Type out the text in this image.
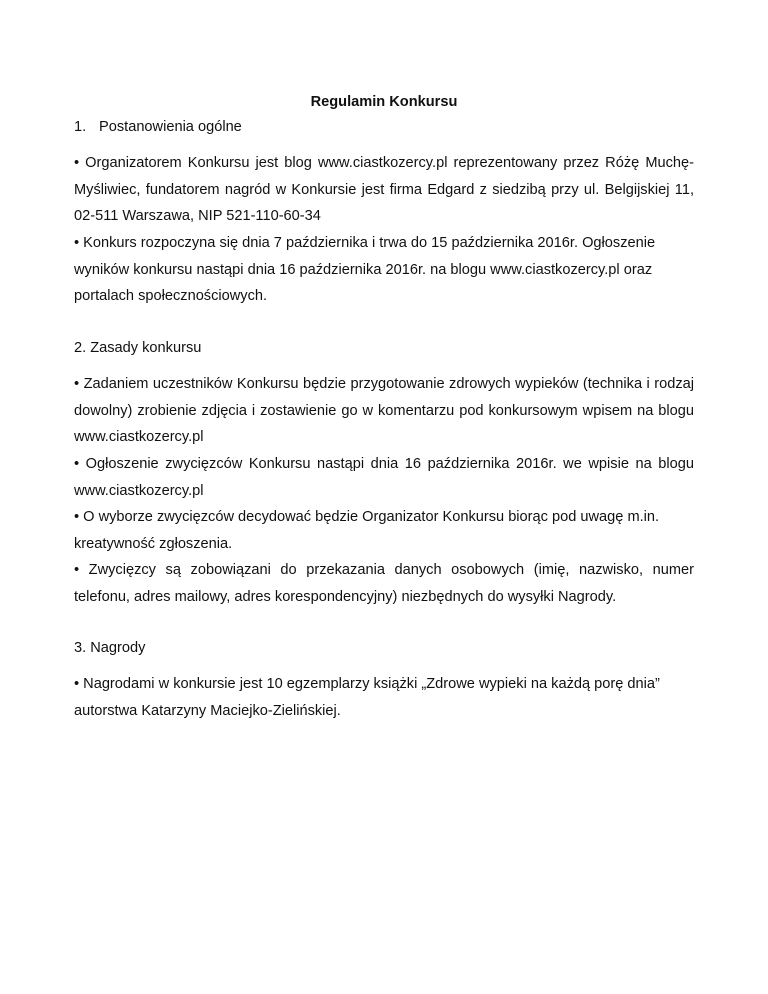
Regulamin Konkursu
1. Postanowienia ogólne

• Organizatorem Konkursu jest blog www.ciastkozercy.pl reprezentowany przez Różę Muchę-Myśliwiec, fundatorem nagród w Konkursie jest firma Edgard z siedzibą przy ul. Belgijskiej 11, 02-511 Warszawa, NIP 521-110-60-34

• Konkurs rozpoczyna się dnia 7 października i trwa do 15 października 2016r. Ogłoszenie wyników konkursu nastąpi dnia 16 października 2016r. na blogu www.ciastkozercy.pl oraz portalach społecznościowych.

2. Zasady konkursu

• Zadaniem uczestników Konkursu będzie przygotowanie zdrowych wypieków (technika i rodzaj dowolny) zrobienie zdjęcia i zostawienie go w komentarzu pod konkursowym wpisem na blogu www.ciastkozercy.pl

• Ogłoszenie zwycięzców Konkursu nastąpi dnia 16 października 2016r. we wpisie na blogu www.ciastkozercy.pl

• O wyborze zwycięzców decydować będzie Organizator Konkursu biorąc pod uwagę m.in. kreatywność zgłoszenia.

• Zwycięzcy są zobowiązani do przekazania danych osobowych (imię, nazwisko, numer telefonu, adres mailowy, adres korespondencyjny) niezbędnych do wysyłki Nagrody.

3. Nagrody

• Nagrodami w konkursie jest 10 egzemplarzy książki „Zdrowe wypieki na każdą porę dnia” autorstwa Katarzyny Maciejko-Zielińskiej.
